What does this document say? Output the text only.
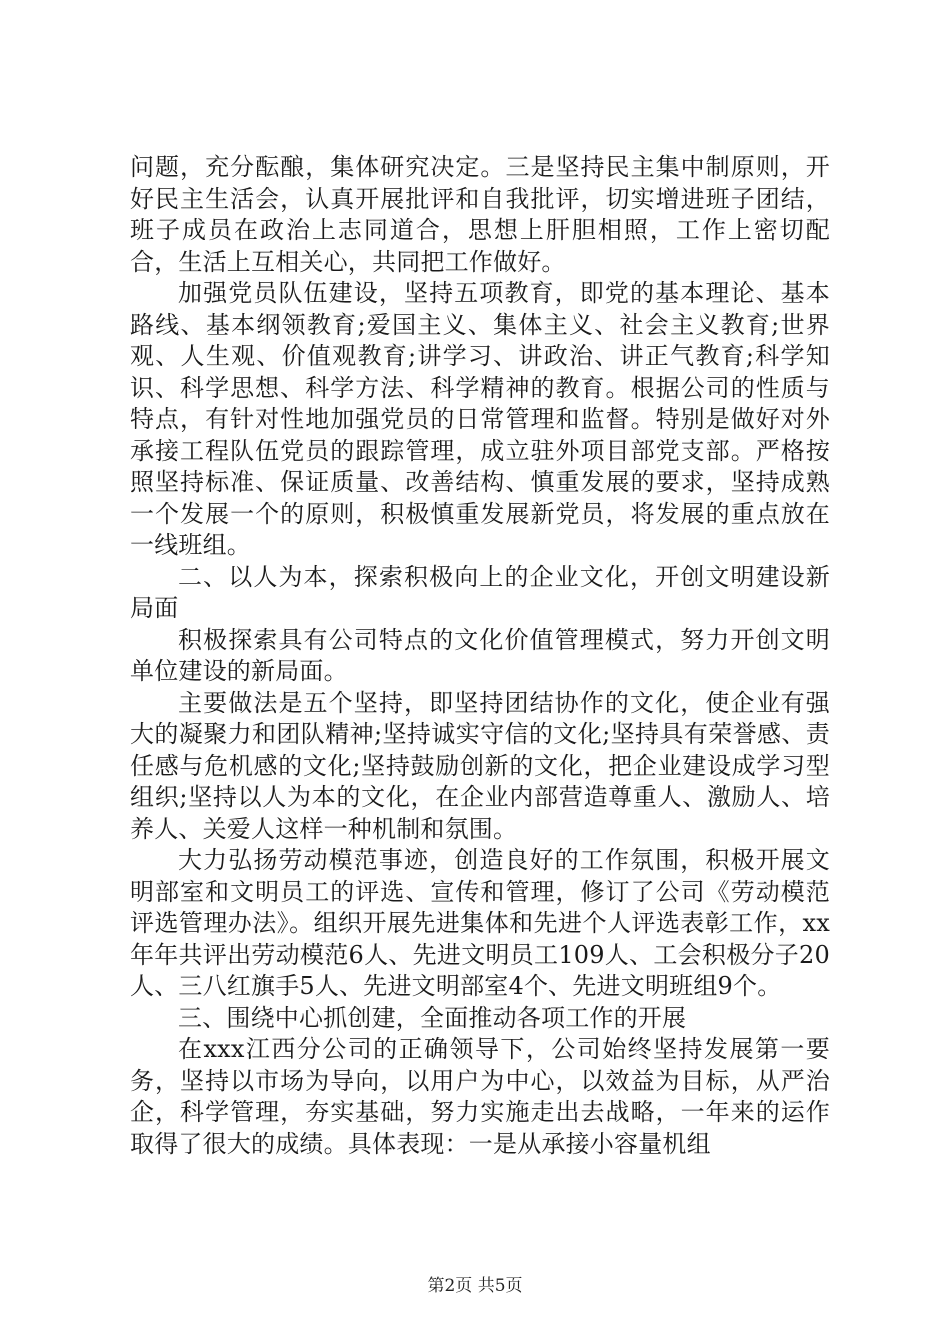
问题，充分酝酿，集体研究决定。三是坚持民主集中制原则，开好民主生活会，认真开展批评和自我批评，切实增进班子团结，班子成员在政治上志同道合，思想上肝胆相照，工作上密切配合，生活上互相关心，共同把工作做好。

加强党员队伍建设，坚持五项教育，即党的基本理论、基本路线、基本纲领教育;爱国主义、集体主义、社会主义教育;世界观、人生观、价值观教育;讲学习、讲政治、讲正气教育;科学知识、科学思想、科学方法、科学精神的教育。根据公司的性质与特点，有针对性地加强党员的日常管理和监督。特别是做好对外承接工程队伍党员的跟踪管理，成立驻外项目部党支部。严格按照坚持标准、保证质量、改善结构、慎重发展的要求，坚持成熟一个发展一个的原则，积极慎重发展新党员，将发展的重点放在一线班组。

二、以人为本，探索积极向上的企业文化，开创文明建设新局面

积极探索具有公司特点的文化价值管理模式，努力开创文明单位建设的新局面。

主要做法是五个坚持，即坚持团结协作的文化，使企业有强大的凝聚力和团队精神;坚持诚实守信的文化;坚持具有荣誉感、责任感与危机感的文化;坚持鼓励创新的文化，把企业建设成学习型组织;坚持以人为本的文化，在企业内部营造尊重人、激励人、培养人、关爱人这样一种机制和氛围。

大力弘扬劳动模范事迹，创造良好的工作氛围，积极开展文明部室和文明员工的评选、宣传和管理，修订了公司《劳动模范评选管理办法》。组织开展先进集体和先进个人评选表彰工作，xx年年共评出劳动模范6人、先进文明员工109人、工会积极分子20人、三八红旗手5人、先进文明部室4个、先进文明班组9个。

三、围绕中心抓创建，全面推动各项工作的开展

在xxx江西分公司的正确领导下，公司始终坚持发展第一要务，坚持以市场为导向，以用户为中心，以效益为目标，从严治企，科学管理，夯实基础，努力实施走出去战略，一年来的运作取得了很大的成绩。具体表现：一是从承接小容量机组

第2页 共5页
